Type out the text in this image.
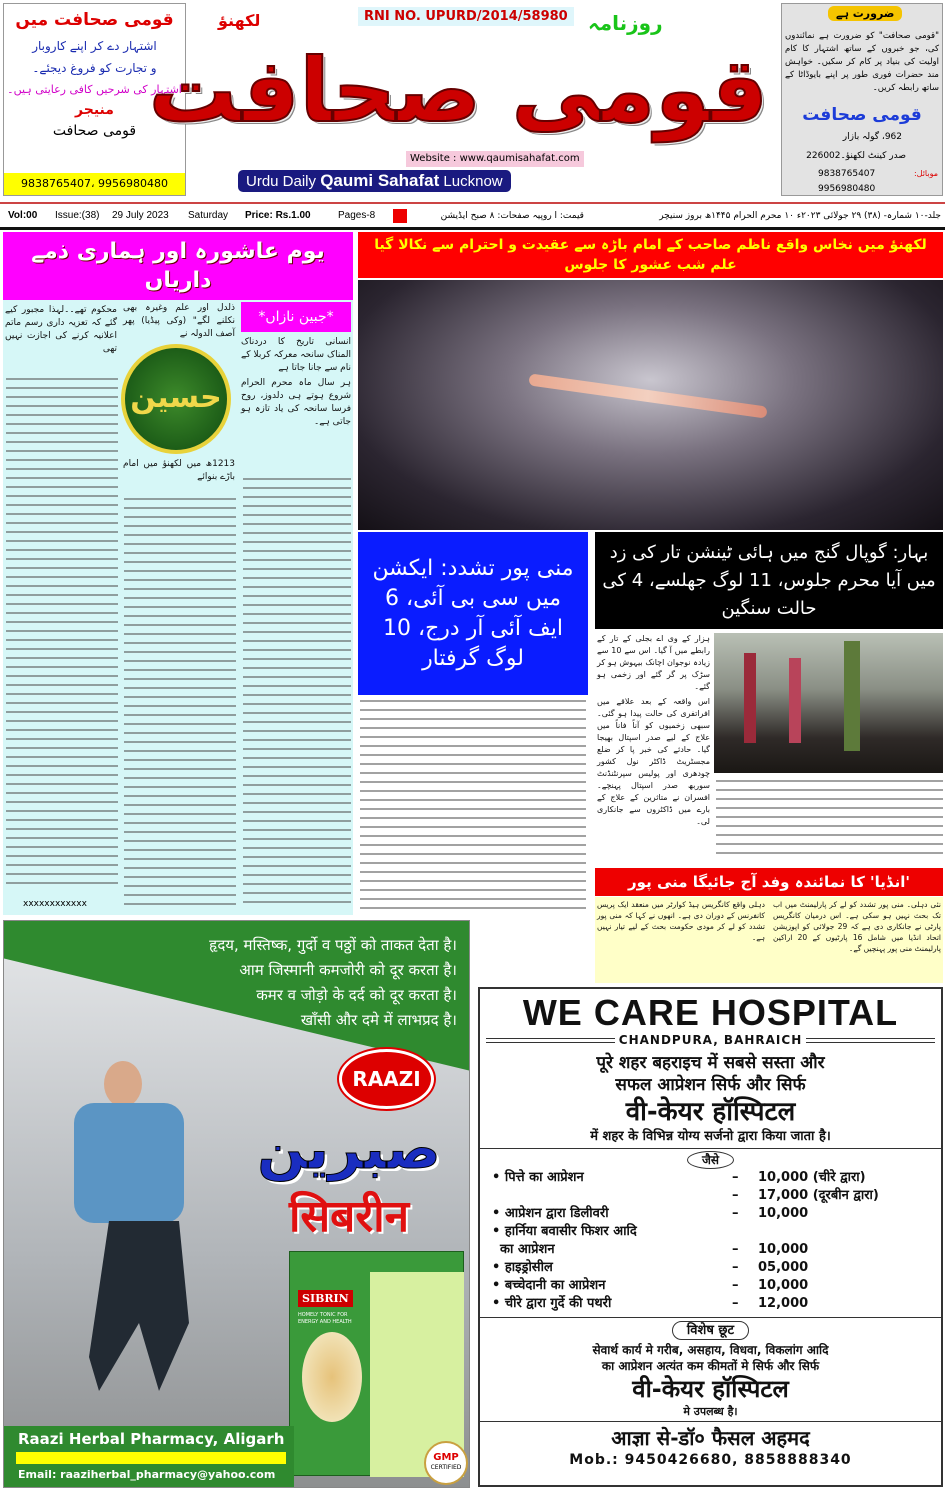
قومی صحافت میں
اشتہار دے کر اپنے کاروبار
و تجارت کو فروغ دیجئے۔
اشتہار کی شرحیں کافی رعایتی ہیں۔
منیجر
قومی صحافت
9956980480 ،9838765407
RNI NO. UPURD/2014/58980
لکھنؤ	روزنامہ
قومی صحافت
Website : www.qaumisahafat.com
Urdu Daily Qaumi Sahafat Lucknow
ضرورت ہے
"قومی صحافت" کو ضرورت ہے نمائندوں کی، جو خبروں کے ساتھ اشتہار کا کام اولیت کی بنیاد پر کام کر سکیں۔ خواہش مند حضرات فوری طور پر اپنے بایوڈاٹا کے ساتھ رابطہ کریں۔
قومی صحافت
962، گولہ بازار
صدر کینٹ لکھنؤ۔226002
موبائل:
9838765407
9956980480
Vol:00 Issue:(38) 29 July 2023 Saturday Price: Rs.1.00	Pages-8	جلد-۱۰ شمارہ- (۳۸) ۲۹ جولائی ۲۰۲۳ء ۱۰ محرم الحرام ۱۴۴۵ھ بروز سنیچر
قیمت: ا روپیہ صفحات: ۸ صبح ایڈیشن
یوم عاشورہ اور ہماری ذمے داریاں
*جبین نازاں*
حسین
انسانی تاریخ کا دردناک المناک سانحہ معرکہ کربلا کے نام سے جانا جاتا ہے
ہر سال ماہ محرم الحرام شروع ہوتے ہی دلدوز، روح فرسا سانحہ کی یاد تازہ ہو جاتی ہے۔
محکوم تھے۔۔لہذا مجبور کیے گئے کہ تعزیہ داری رسم ماتم اعلانیہ کرنے کی اجازت نہیں تھی
ذلدل اور علم وغیرہ بھی نکلنے لگے" (وکی پیڈیا) پھر آصف الدولہ نے
1213ھ میں لکھنؤ میں امام باڑے بنوائے
xxxxxxxxxxxx
لکھنؤ میں نخاس واقع ناظم صاحب کے امام باڑہ سے عقیدت و احترام سے نکالا گیا علم شب عشور کا جلوس
منی پور تشدد: ایکشن میں سی بی آئی، 6 ایف آئی آر درج، 10 لوگ گرفتار
بہار: گوپال گنج میں ہائی ٹینشن تار کی زد میں آیا محرم جلوس، 11 لوگ جھلسے، 4 کی حالت سنگین
ہزار کے وی اے بجلی کے تار کے رابطے میں آ گیا۔ اس سے 10 سے زیادہ نوجوان اچانک بیہوش ہو کر سڑک پر گر گئے اور زخمی ہو گئے۔
اس واقعہ کے بعد علاقے میں افراتفری کی حالت پیدا ہو گئی۔ سبھی زخمیوں کو آناً فاناً میں علاج کے لیے صدر اسپتال بھیجا گیا۔ حادثے کی خبر پا کر ضلع مجسٹریٹ ڈاکٹر نول کشور چودھری اور پولیس سپرنٹنڈنٹ سوربھ صدر اسپتال پہنچے۔ افسران نے متاثرین کے علاج کے بارے میں ڈاکٹروں سے جانکاری لی۔
'انڈیا' کا نمائندہ وفد آج جائیگا منی پور
نئی دہلی۔ منی پور تشدد کو لے کر پارلیمنٹ میں اب تک بحث نہیں ہو سکی ہے۔ اس درمیان کانگریس پارٹی نے جانکاری دی ہے کہ 29 جولائی کو اپوزیشن اتحاد انڈیا میں شامل 16 پارٹیوں کے 20 اراکین پارلیمنٹ منی پور پہنچیں گے۔
دہلی واقع کانگریس ہیڈ کوارٹر میں منعقد ایک پریس کانفرنس کے دوران دی ہے۔ انھوں نے کہا کہ منی پور تشدد کو لے کر مودی حکومت بحث کے لیے تیار نہیں ہے۔
हृदय, मस्तिष्क, गुर्दो व पठ्ठों को ताकत देता है।
आम जिस्मानी कमजोरी को दूर करता है।
कमर व जोड़ो के दर्द को दूर करता है।
खाँसी और दमे में लाभप्रद है।
RAAZI
صبرین
सिबरीन
SIBRIN
HOMELY TONIC FOR ENERGY AND HEALTH
GMP
CERTIFIED
Raazi Herbal Pharmacy, Aligarh
Email: raaziherbal_pharmacy@yahoo.com
WE CARE HOSPITAL
CHANDPURA, BAHRAICH
पूरे शहर बहराइच में सबसे सस्ता और
सफल आप्रेशन सिर्फ और सिर्फ
वी-केयर हॉस्पिटल
में शहर के विभिन्न योग्य सर्जनो द्वारा किया जाता है।
जैसे
• पित्ते का आप्रेशन	–	10,000 (चीरे द्वारा)
–	17,000 (दूरबीन द्वारा)
• आप्रेशन द्वारा डिलीवरी	–	10,000
• हार्निया बवासीर फिशर आदि
का आप्रेशन	–	10,000
• हाइड्रोसील	–	05,000
• बच्चेदानी का आप्रेशन	–	10,000
• चीरे द्वारा गुर्दे की पथरी	–	12,000
विशेष छूट
सेवार्थ कार्य मे गरीब, असहाय, विधवा, विकलांग आदि
का आप्रेशन अत्यंत कम कीमतों मे सिर्फ और सिर्फ
वी-केयर हॉस्पिटल
मे उपलब्ध है।
आज्ञा से-डॉ० फैसल अहमद
Mob.: 9450426680, 8858888340
